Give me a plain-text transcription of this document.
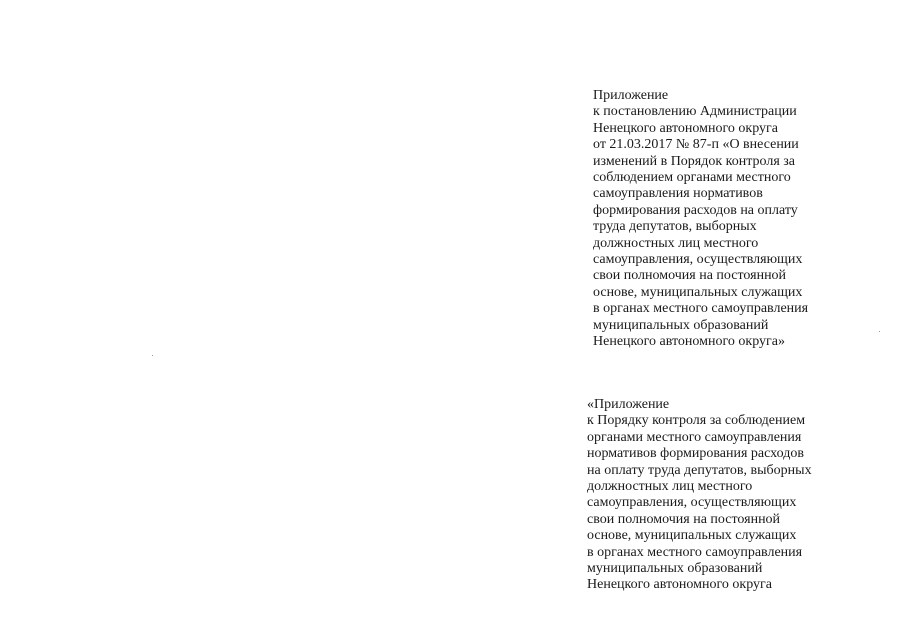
Приложение
к постановлению Администрации
Ненецкого автономного округа
от 21.03.2017 № 87-п «О внесении
изменений в Порядок контроля за
соблюдением органами местного
самоуправления нормативов
формирования расходов на оплату
труда депутатов, выборных
должностных лиц местного
самоуправления, осуществляющих
свои полномочия на постоянной
основе, муниципальных служащих
в органах местного самоуправления
муниципальных образований
Ненецкого автономного округа»
«Приложение
к Порядку контроля за соблюдением
органами местного самоуправления
нормативов формирования расходов
на оплату труда депутатов, выборных
должностных лиц местного
самоуправления, осуществляющих
свои полномочия на постоянной
основе, муниципальных служащих
в органах местного самоуправления
муниципальных образований
Ненецкого автономного округа
